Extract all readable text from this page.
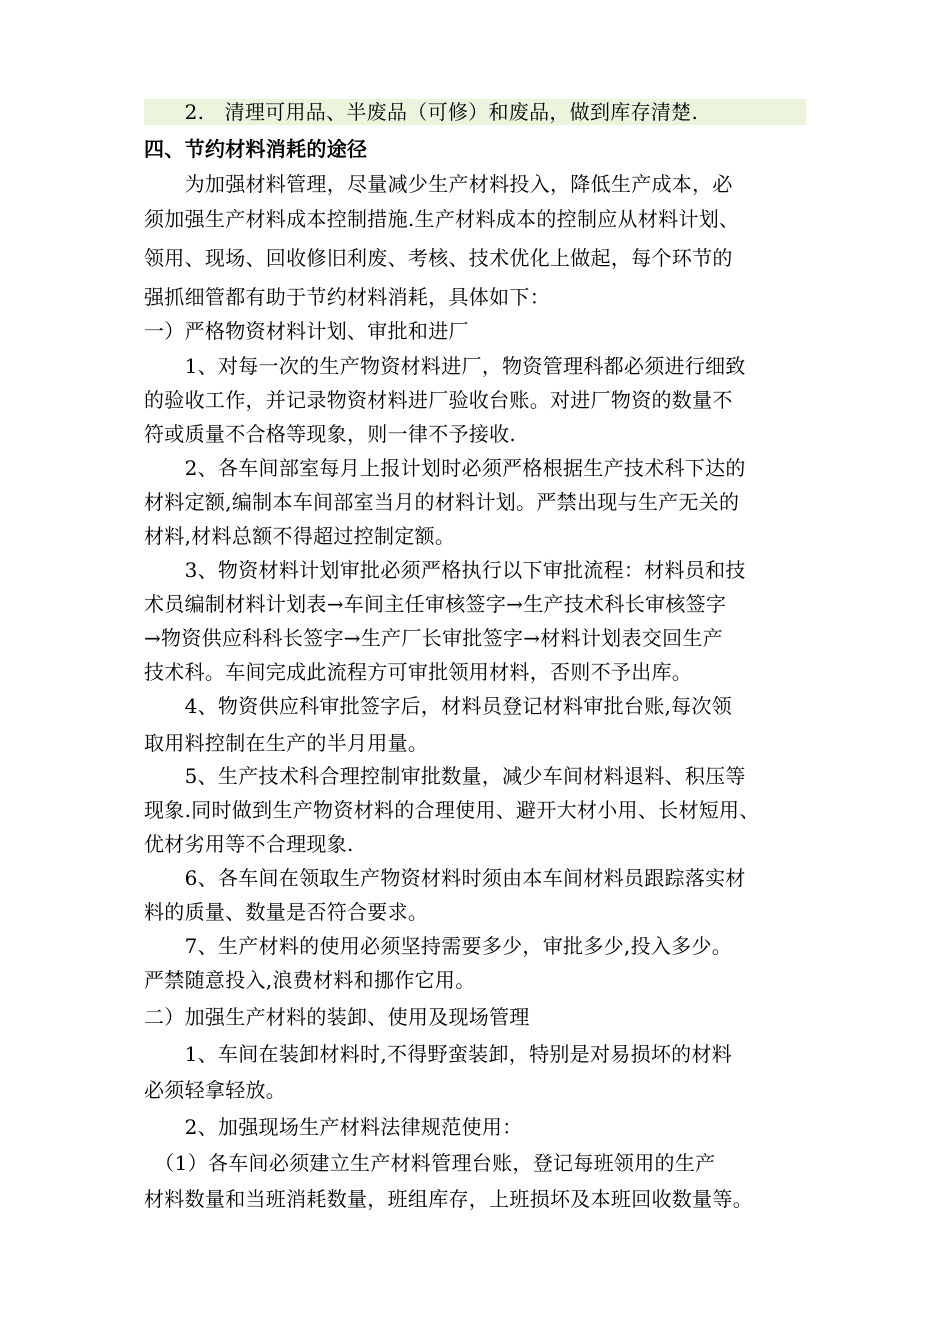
　　2.　清理可用品、半废品（可修）和废品，做到库存清楚.
四、节约材料消耗的途径
　　为加强材料管理，尽量减少生产材料投入，降低生产成本，必
须加强生产材料成本控制措施.生产材料成本的控制应从材料计划、
领用、现场、回收修旧利废、考核、技术优化上做起，每个环节的
强抓细管都有助于节约材料消耗，具体如下：
一）严格物资材料计划、审批和进厂
　　1、对每一次的生产物资材料进厂，物资管理科都必须进行细致
的验收工作，并记录物资材料进厂验收台账。对进厂物资的数量不
符或质量不合格等现象，则一律不予接收.
　　2、各车间部室每月上报计划时必须严格根据生产技术科下达的
材料定额,编制本车间部室当月的材料计划。严禁出现与生产无关的
材料,材料总额不得超过控制定额。
　　3、物资材料计划审批必须严格执行以下审批流程：材料员和技
术员编制材料计划表→车间主任审核签字→生产技术科长审核签字
→物资供应科科长签字→生产厂长审批签字→材料计划表交回生产
技术科。车间完成此流程方可审批领用材料，否则不予出库。
　　4、物资供应科审批签字后，材料员登记材料审批台账,每次领
取用料控制在生产的半月用量。
　　5、生产技术科合理控制审批数量，减少车间材料退料、积压等
现象.同时做到生产物资材料的合理使用、避开大材小用、长材短用、
优材劣用等不合理现象.
　　6、各车间在领取生产物资材料时须由本车间材料员跟踪落实材
料的质量、数量是否符合要求。
　　7、生产材料的使用必须坚持需要多少，审批多少,投入多少。
严禁随意投入,浪费材料和挪作它用。
二）加强生产材料的装卸、使用及现场管理
　　1、车间在装卸材料时,不得野蛮装卸，特别是对易损坏的材料
必须轻拿轻放。
　　2、加强现场生产材料法律规范使用：
　（1）各车间必须建立生产材料管理台账，登记每班领用的生产
材料数量和当班消耗数量，班组库存，上班损坏及本班回收数量等。
